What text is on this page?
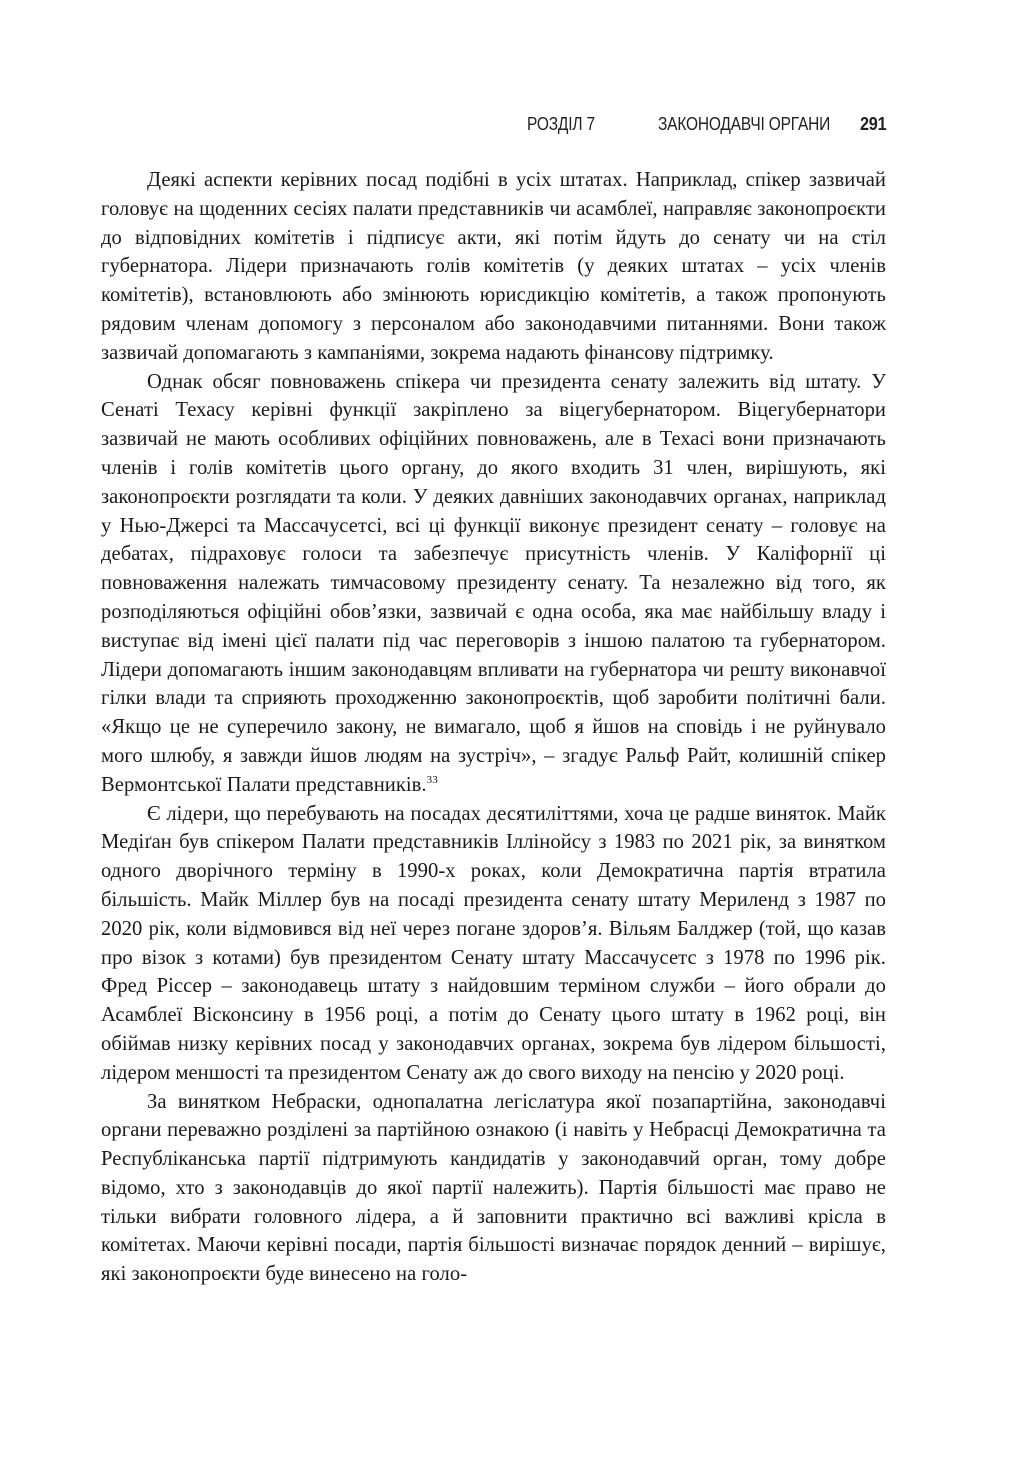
РОЗДІЛ 7	ЗАКОНОДАВЧІ ОРГАНИ 291

Деякі аспекти керівних посад подібні в усіх штатах. Наприклад, спікер зазвичай головує на щоденних сесіях палати представників чи асамблеї, направляє законопроєкти до відповідних комітетів і підписує акти, які потім йдуть до сенату чи на стіл губернатора. Лідери призначають голів комітетів (у деяких штатах – усіх членів комітетів), встановлюють або змінюють юрисдикцію комітетів, а також пропонують рядовим членам допомогу з персоналом або законодавчими питаннями. Вони також зазвичай допомагають з кампаніями, зокрема надають фінансову підтримку.

Однак обсяг повноважень спікера чи президента сенату залежить від штату. У Сенаті Техасу керівні функції закріплено за віцегубернатором. Віцегубернатори зазвичай не мають особливих офіційних повноважень, але в Техасі вони призначають членів і голів комітетів цього органу, до якого входить 31 член, вирішують, які законопроєкти розглядати та коли. У деяких давніших законодавчих органах, наприклад у Нью-Джерсі та Массачусетсі, всі ці функції виконує президент сенату – головує на дебатах, підраховує голоси та забезпечує присутність членів. У Каліфорнії ці повноваження належать тимчасовому президенту сенату. Та незалежно від того, як розподіляються офіційні обов’язки, зазвичай є одна особа, яка має найбільшу владу і виступає від імені цієї палати під час переговорів з іншою палатою та губернатором. Лідери допомагають іншим законодавцям впливати на губернатора чи решту виконавчої гілки влади та сприяють проходженню законопроєктів, щоб заробити політичні бали. «Якщо це не суперечило закону, не вимагало, щоб я йшов на сповідь і не руйнувало мого шлюбу, я завжди йшов людям на зустріч», – згадує Ральф Райт, колишній спікер Вермонтської Палати представників.$^{33}$

Є лідери, що перебувають на посадах десятиліттями, хоча це радше виняток. Майк Медіґан був спікером Палати представників Іллінойсу з 1983 по 2021 рік, за винятком одного дворічного терміну в 1990-х роках, коли Демократична партія втратила більшість. Майк Міллер був на посаді президента сенату штату Мериленд з 1987 по 2020 рік, коли відмовився від неї через погане здоров’я. Вільям Балджер (той, що казав про візок з котами) був президентом Сенату штату Массачусетс з 1978 по 1996 рік. Фред Ріссер – законодавець штату з найдовшим терміном служби – його обрали до Асамблеї Вісконсину в 1956 році, а потім до Сенату цього штату в 1962 році, він обіймав низку керівних посад у законодавчих органах, зокрема був лідером більшості, лідером меншості та президентом Сенату аж до свого виходу на пенсію у 2020 році.

За винятком Небраски, однопалатна легіслатура якої позапартійна, законодавчі органи переважно розділені за партійною ознакою (і навіть у Небрасці Демократична та Республіканська партії підтримують кандидатів у законодавчий орган, тому добре відомо, хто з законодавців до якої партії належить). Партія більшості має право не тільки вибрати головного лідера, а й заповнити практично всі важливі крісла в комітетах. Маючи керівні посади, партія більшості визначає порядок денний – вирішує, які законопроєкти буде винесено на голо-
